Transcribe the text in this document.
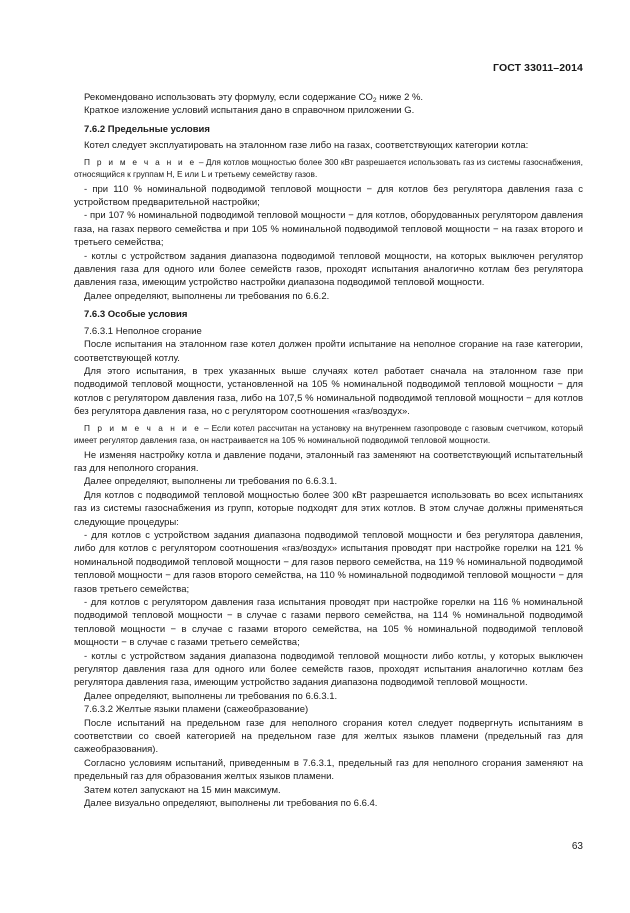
ГОСТ 33011–2014

Рекомендовано использовать эту формулу, если содержание $CO_2$ ниже 2 %.

Краткое изложение условий испытания дано в справочном приложении G.

7.6.2 Предельные условия

Котел следует эксплуатировать на эталонном газе либо на газах, соответствующих категории котла:

П р и м е ч а н и е – Для котлов мощностью более 300 кВт разрешается использовать газ из системы газоснабжения, относящийся к группам H, E или L и третьему семейству газов.

- при 110 % номинальной подводимой тепловой мощности − для котлов без регулятора давления газа с устройством предварительной настройки;

- при 107 % номинальной подводимой тепловой мощности − для котлов, оборудованных регулятором давления газа, на газах первого семейства и при 105 % номинальной подводимой тепловой мощности − на газах второго и третьего семейства;

- котлы с устройством задания диапазона подводимой тепловой мощности, на которых выключен регулятор давления газа для одного или более семейств газов, проходят испытания аналогично котлам без регулятора давления газа, имеющим устройство настройки диапазона подводимой тепловой мощности.

Далее определяют, выполнены ли требования по 6.6.2.

7.6.3 Особые условия

7.6.3.1 Неполное сгорание

После испытания на эталонном газе котел должен пройти испытание на неполное сгорание на газе категории, соответствующей котлу.

Для этого испытания, в трех указанных выше случаях котел работает сначала на эталонном газе при подводимой тепловой мощности, установленной на 105 % номинальной подводимой тепловой мощности − для котлов с регулятором давления газа, либо на 107,5 % номинальной подводимой тепловой мощности − для котлов без регулятора давления газа, но с регулятором соотношения «газ/воздух».

П р и м е ч а н и е – Если котел рассчитан на установку на внутреннем газопроводе с газовым счетчиком, который имеет регулятор давления газа, он настраивается на 105 % номинальной подводимой тепловой мощности.

Не изменяя настройку котла и давление подачи, эталонный газ заменяют на соответствующий испытательный газ для неполного сгорания.

Далее определяют, выполнены ли требования по 6.6.3.1.

Для котлов с подводимой тепловой мощностью более 300 кВт разрешается использовать во всех испытаниях газ из системы газоснабжения из групп, которые подходят для этих котлов. В этом случае должны применяться следующие процедуры:

- для котлов с устройством задания диапазона подводимой тепловой мощности и без регулятора давления, либо для котлов с регулятором соотношения «газ/воздух» испытания проводят при настройке горелки на 121 % номинальной подводимой тепловой мощности − для газов первого семейства, на 119 % номинальной подводимой тепловой мощности − для газов второго семейства, на 110 % номинальной подводимой тепловой мощности − для газов третьего семейства;

- для котлов с регулятором давления газа испытания проводят при настройке горелки на 116 % номинальной подводимой тепловой мощности − в случае с газами первого семейства, на 114 % номинальной подводимой тепловой мощности − в случае с газами второго семейства, на 105 % номинальной подводимой тепловой мощности − в случае с газами третьего семейства;

- котлы с устройством задания диапазона подводимой тепловой мощности либо котлы, у которых выключен регулятор давления газа для одного или более семейств газов, проходят испытания аналогично котлам без регулятора давления газа, имеющим устройство задания диапазона подводимой тепловой мощности.

Далее определяют, выполнены ли требования по 6.6.3.1.

7.6.3.2 Желтые языки пламени (сажеобразование)

После испытаний на предельном газе для неполного сгорания котел следует подвергнуть испытаниям в соответствии со своей категорией на предельном газе для желтых языков пламени (предельный газ для сажеобразования).

Согласно условиям испытаний, приведенным в 7.6.3.1, предельный газ для неполного сгорания заменяют на предельный газ для образования желтых языков пламени.

Затем котел запускают на 15 мин максимум.

Далее визуально определяют, выполнены ли требования по 6.6.4.

63
